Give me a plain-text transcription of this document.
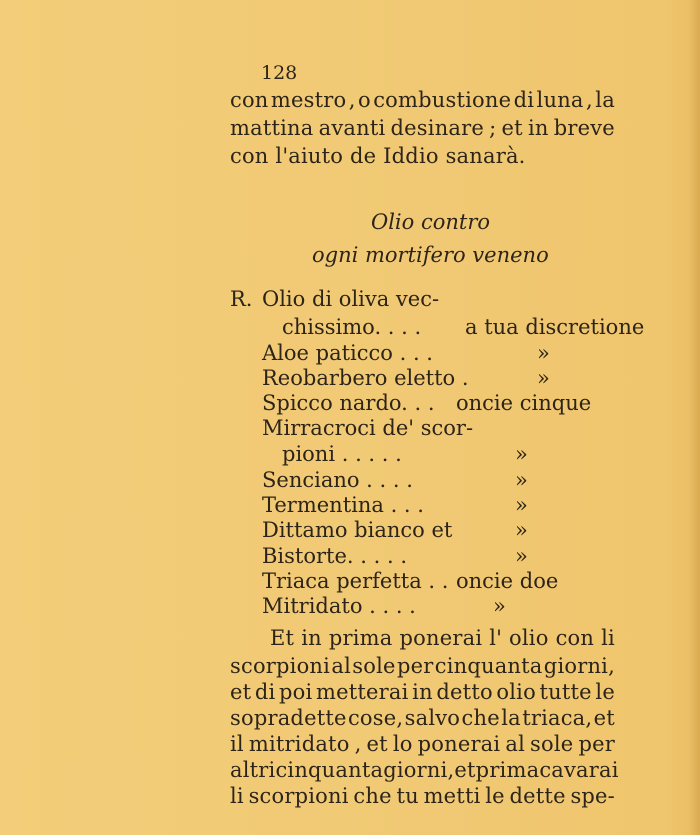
128
con mestro , o combustione di luna , la
mattina avanti desinare ; et in breve
con l'aiuto de Iddio sanarà.
Olio contro
ogni mortifero veneno
R. Olio di oliva vec-
chissimo. . . . a tua discretione
Aloe paticco . . .	»
Reobarbero eletto .	»
Spicco nardo. . . oncie cinque
Mirracroci de' scor-
pioni . . . . .	»
Senciano . . . .	»
Termentina . . .	»
Dittamo bianco et	»
Bistorte. . . . .	»
Triaca perfetta . . oncie doe
Mitridato . . . .	»
Et in prima ponerai l' olio con li
scorpioni al sole per cinquanta giorni,
et di poi metterai in detto olio tutte le
sopradette cose, salvo che la triaca, et
il mitridato , et lo ponerai al sole per
altri cinquanta giorni, et prima cavarai
li scorpioni che tu metti le dette spe-
